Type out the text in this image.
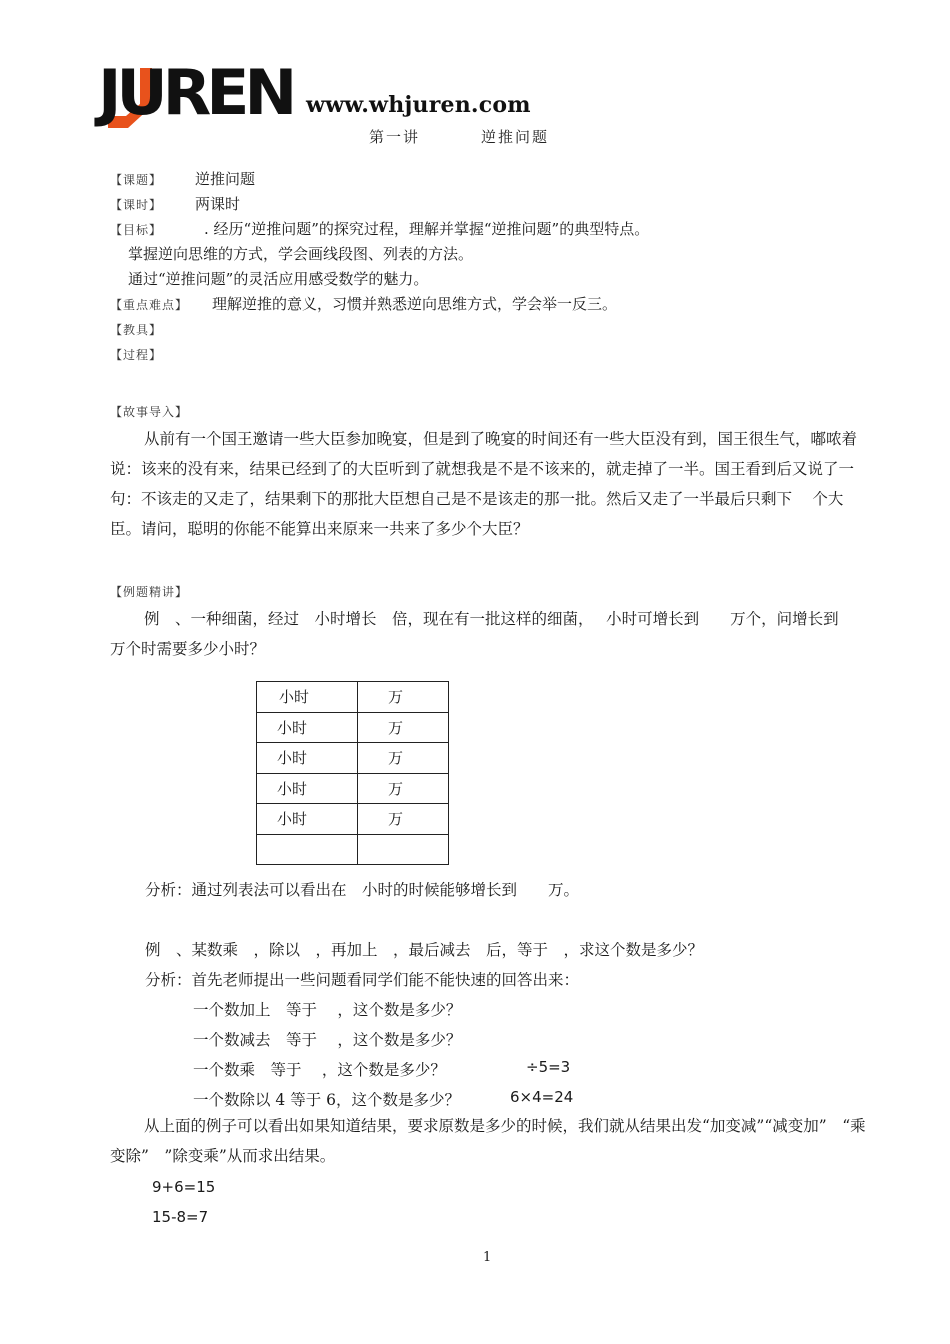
JUREN www.whjuren.com
第一讲	逆推问题
【课题】 逆推问题
【课时】 两课时
【目标】	. 经历“逆推问题”的探究过程，理解并掌握“逆推问题”的典型特点。
掌握逆向思维的方式，学会画线段图、列表的方法。
通过“逆推问题”的灵活应用感受数学的魅力。
【重点难点】 理解逆推的意义，习惯并熟悉逆向思维方式，学会举一反三。
【教具】
【过程】
【故事导入】
从前有一个国王邀请一些大臣参加晚宴，但是到了晚宴的时间还有一些大臣没有到，国王很生气，嘟哝着说：该来的没有来，结果已经到了的大臣听到了就想我是不是不该来的，就走掉了一半。国王看到后又说了一句：不该走的又走了，结果剩下的那批大臣想自己是不是该走的那一批。然后又走了一半最后只剩下　 个大臣。请问，聪明的你能不能算出来原来一共来了多少个大臣？
【例题精讲】
例　、一种细菌，经过　小时增长　倍，现在有一批这样的细菌，　 小时可增长到　　万个，问增长到　　万个时需要多少小时？
小时	万
小时	万
小时	万
小时	万
小时	万

分析：通过列表法可以看出在　小时的时候能够增长到　　万。
例　、某数乘　，除以　，再加上　，最后减去　后，等于　，求这个数是多少？
分析：首先老师提出一些问题看同学们能不能快速的回答出来：
一个数加上　等于　 ，这个数是多少？
一个数减去　等于　 ，这个数是多少？
一个数乘　等于　 ，这个数是多少？	÷5=3
一个数除以 4 等于 6，这个数是多少？	6×4=24
从上面的例子可以看出如果知道结果，要求原数是多少的时候，我们就从结果出发“加变减”“减变加”　“乘变除”　”除变乘”从而求出结果。
9+6=15
15-8=7
1
